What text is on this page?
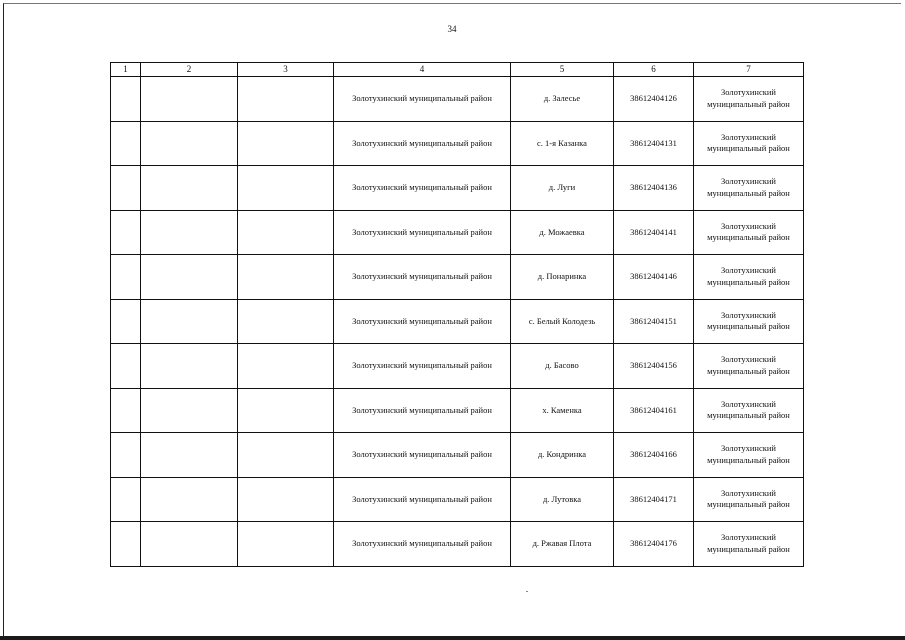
34
1	2	3	4	5	6	7
			Золотухинский муниципальный район	д. Залесье	38612404126	Золотухинский муниципальный район
			Золотухинский муниципальный район	с. 1-я Казанка	38612404131	Золотухинский муниципальный район
			Золотухинский муниципальный район	д. Луги	38612404136	Золотухинский муниципальный район
			Золотухинский муниципальный район	д. Можаевка	38612404141	Золотухинский муниципальный район
			Золотухинский муниципальный район	д. Понаринка	38612404146	Золотухинский муниципальный район
			Золотухинский муниципальный район	с. Белый Колодезь	38612404151	Золотухинский муниципальный район
			Золотухинский муниципальный район	д. Басово	38612404156	Золотухинский муниципальный район
			Золотухинский муниципальный район	х. Каменка	38612404161	Золотухинский муниципальный район
			Золотухинский муниципальный район	д. Кондринка	38612404166	Золотухинский муниципальный район
			Золотухинский муниципальный район	д. Лутовка	38612404171	Золотухинский муниципальный район
			Золотухинский муниципальный район	д. Ржавая Плота	38612404176	Золотухинский муниципальный район
